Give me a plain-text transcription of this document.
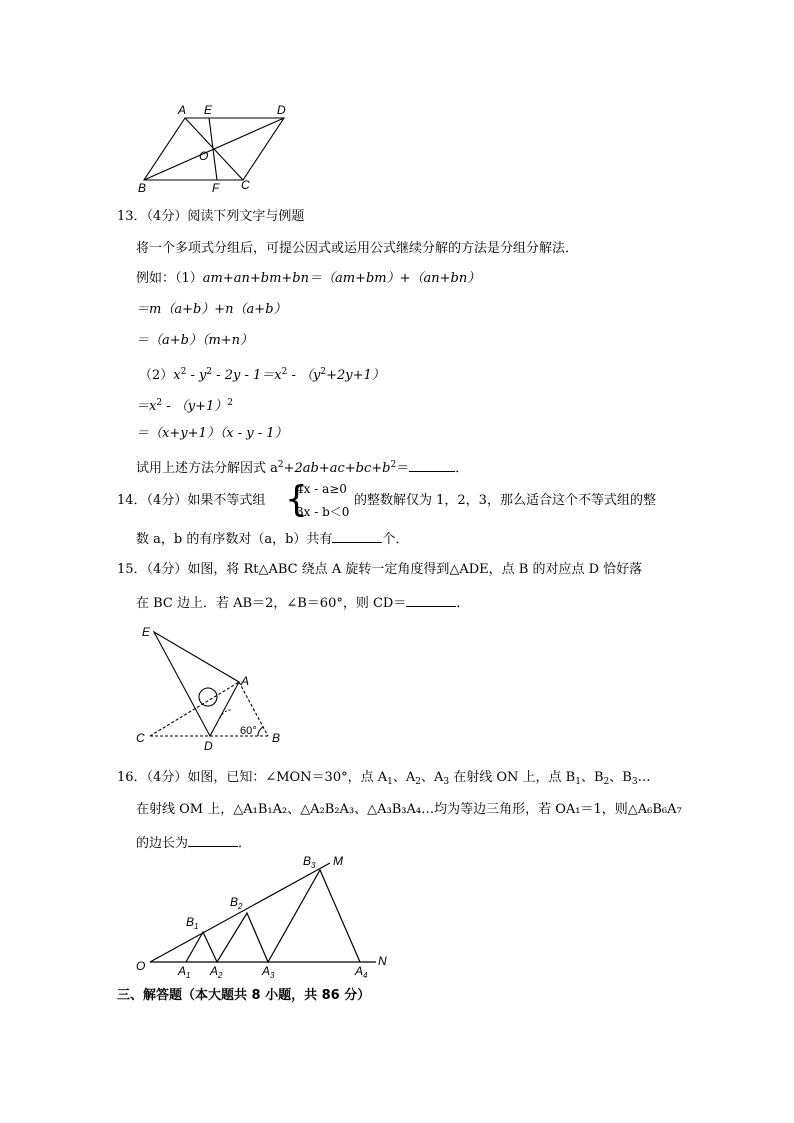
A E	D
O
B	F C
13．（4分）阅读下列文字与例题
将一个多项式分组后，可提公因式或运用公式继续分解的方法是分组分解法．
例如：（1）am+an+bm+bn＝（am+bm）+（an+bn）
＝m（a+b）+n（a+b）
＝（a+b）（m+n）
$(2)x^2 - y^2 - 2y - 1=x^2 - (y^2+2y+1)$
$=x^2 - (y+1)^2$
＝（x+y+1）（x - y - 1）
试用上述方法分解因式 $a^2+2ab+ac+bc+b^2=$	．
14．（4分）如果不等式组 {
4x - a≥0
3x - b＜0
的整数解仅为 1，2，3，那么适合这个不等式组的整
数 a，b 的有序数对（a，b）共有	个．
15．（4分）如图，将 Rt△ABC 绕点 A 旋转一定角度得到△ADE，点 B 的对应点 D 恰好落
在 BC 边上．若 AB＝2，∠B＝60°，则 CD＝	．
E
A
C
D
B
60°
16．（4分）如图，已知：∠MON＝30°，点 $A_1$、$A_2$、$A_3$ 在射线 ON 上，点 $B_1$、$B_2$、$B_3\dots$
在射线 OM 上，△A₁B₁A₂、△A₂B₂A₃、△A₃B₃A₄…均为等边三角形，若 OA₁＝1，则△A₆B₆A₇
的边长为	．
O	N
M
$A_1$ $A_2$	$A_3$	$A_4$
$B_1$
$B_2$
$B_3$
三、解答题（本大题共 8 小题，共 86 分）
